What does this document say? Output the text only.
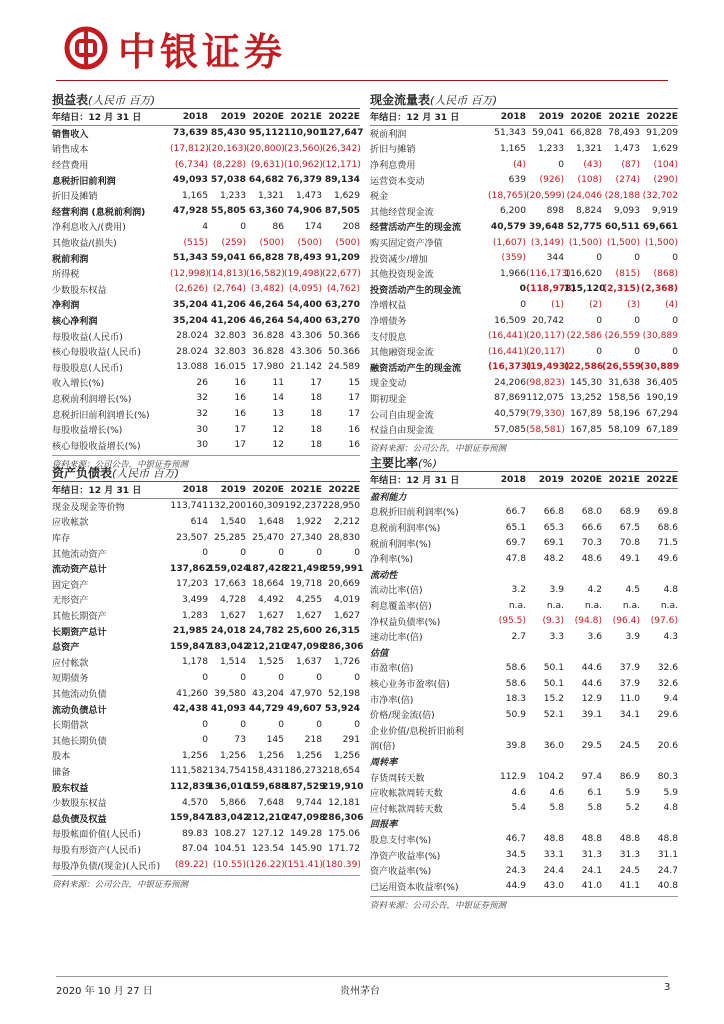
中银证券
损益表(人民币 百万)
年结日：12 月 31 日	2018	2019	2020E	2021E	2022E
销售收入	73,639	85,430	95,112	110,901	127,647
销售成本	(17,812)	(20,163)	(20,800)	(23,560)	(26,342)
经营费用	(6,734)	(8,228)	(9,631)	(10,962)	(12,171)
息税折旧前利润	49,093	57,038	64,682	76,379	89,134
折旧及摊销	1,165	1,233	1,321	1,473	1,629
经营利润 (息税前利润)	47,928	55,805	63,360	74,906	87,505
净利息收入/(费用)	4	0	86	174	208
其他收益/(损失)	(515)	(259)	(500)	(500)	(500)
税前利润	51,343	59,041	66,828	78,493	91,209
所得税	(12,998)	(14,813)	(16,582)	(19,498)	(22,677)
少数股东权益	(2,626)	(2,764)	(3,482)	(4,095)	(4,762)
净利润	35,204	41,206	46,264	54,400	63,270
核心净利润	35,204	41,206	46,264	54,400	63,270
每股收益(人民币)	28.024	32.803	36.828	43.306	50.366
核心每股收益(人民币)	28.024	32.803	36.828	43.306	50.366
每股股息(人民币)	13.088	16.015	17.980	21.142	24.589
收入增长(%)	26	16	11	17	15
息税前利润增长(%)	32	16	14	18	17
息税折旧前利润增长(%)	32	16	13	18	17
每股收益增长(%)	30	17	12	18	16
核心每股收益增长(%)	30	17	12	18	16
资料来源：公司公告，中银证券预测
现金流量表(人民币 百万)
年结日：12 月 31 日	2018	2019	2020E	2021E	2022E
税前利润	51,343	59,041	66,828	78,493	91,209
折旧与摊销	1,165	1,233	1,321	1,473	1,629
净利息费用	(4)	0	(43)	(87)	(104)
运营资本变动	639	(926)	(108)	(274)	(290)
税金	(18,765)	(20,599)	(24,046	(28,188	(32,702
其他经营现金流	6,200	898	8,824	9,093	9,919
经营活动产生的现金流	40,579	39,648	52,775	60,511	69,661
购买固定资产净值	(1,607)	(3,149)	(1,500)	(1,500)	(1,500)
投资减少/增加	(359)	344	0	0	0
其他投资现金流	1,966	(116,173)	116,620	(815)	(868)
投资活动产生的现金流	0	(118,978)	115,120	(2,315)	(2,368)
净增权益	0	(1)	(2)	(3)	(4)
净增债务	16,509	20,742	0	0	0
支付股息	(16,441)	(20,117)	(22,586	(26,559	(30,889
其他融资现金流	(16,441)	(20,117)	0	0	0
融资活动产生的现金流	(16,373)	(19,493)	(22,586	(26,559	(30,889
现金变动	24,206	(98,823)	145,30	31,638	36,405
期初现金	87,869	112,075	13,252	158,56	190,19
公司自由现金流	40,579	(79,330)	167,89	58,196	67,294
权益自由现金流	57,085	(58,581)	167,85	58,109	67,189
资料来源：公司公告，中银证券预测
资产负债表(人民币 百万)
年结日：12 月 31 日	2018	2019	2020E	2021E	2022E
现金及现金等价物	113,741	132,200	160,309	192,237	228,950
应收帐款	614	1,540	1,648	1,922	2,212
库存	23,507	25,285	25,470	27,340	28,830
其他流动资产	0	0	0	0	0
流动资产总计	137,862	159,024	187,428	221,498	259,991
固定资产	17,203	17,663	18,664	19,718	20,669
无形资产	3,499	4,728	4,492	4,255	4,019
其他长期资产	1,283	1,627	1,627	1,627	1,627
长期资产总计	21,985	24,018	24,782	25,600	26,315
总资产	159,847	183,042	212,210	247,098	286,306
应付帐款	1,178	1,514	1,525	1,637	1,726
短期债务	0	0	0	0	0
其他流动负债	41,260	39,580	43,204	47,970	52,198
流动负债总计	42,438	41,093	44,729	49,607	53,924
长期借款	0	0	0	0	0
其他长期负债	0	73	145	218	291
股本	1,256	1,256	1,256	1,256	1,256
储备	111,582	134,754	158,431	186,273	218,654
股东权益	112,839	136,010	159,688	187,529	219,910
少数股东权益	4,570	5,866	7,648	9,744	12,181
总负债及权益	159,847	183,042	212,210	247,098	286,306
每股帐面价值(人民币)	89.83	108.27	127.12	149.28	175.06
每股有形资产(人民币)	87.04	104.51	123.54	145.90	171.72
每股净负债/(现金)(人民币)	(89.22)	(10.55)	(126.22)	(151.41)	(180.39)
资料来源：公司公告，中银证券预测
主要比率(%)
年结日：12 月 31 日	2018	2019	2020E	2021E	2022E
盈利能力					
息税折旧前利润率(%)	66.7	66.8	68.0	68.9	69.8
息税前利润率(%)	65.1	65.3	66.6	67.5	68.6
税前利润率(%)	69.7	69.1	70.3	70.8	71.5
净利率(%)	47.8	48.2	48.6	49.1	49.6
流动性					
流动比率(倍)	3.2	3.9	4.2	4.5	4.8
利息覆盖率(倍)	n.a.	n.a.	n.a.	n.a.	n.a.
净权益负债率(%)	(95.5)	(9.3)	(94.8)	(96.4)	(97.6)
速动比率(倍)	2.7	3.3	3.6	3.9	4.3
估值					
市盈率(倍)	58.6	50.1	44.6	37.9	32.6
核心业务市盈率(倍)	58.6	50.1	44.6	37.9	32.6
市净率(倍)	18.3	15.2	12.9	11.0	9.4
价格/现金流(倍)	50.9	52.1	39.1	34.1	29.6
企业价值/息税折旧前利					
润(倍)	39.8	36.0	29.5	24.5	20.6
周转率					
存货周转天数	112.9	104.2	97.4	86.9	80.3
应收帐款周转天数	4.6	4.6	6.1	5.9	5.9
应付帐款周转天数	5.4	5.8	5.8	5.2	4.8
回报率					
股息支付率(%)	46.7	48.8	48.8	48.8	48.8
净资产收益率(%)	34.5	33.1	31.3	31.3	31.1
资产收益率(%)	24.3	24.4	24.1	24.5	24.7
已运用资本收益率(%)	44.9	43.0	41.0	41.1	40.8
资料来源：公司公告，中银证券预测
2020 年 10 月 27 日	贵州茅台	3
